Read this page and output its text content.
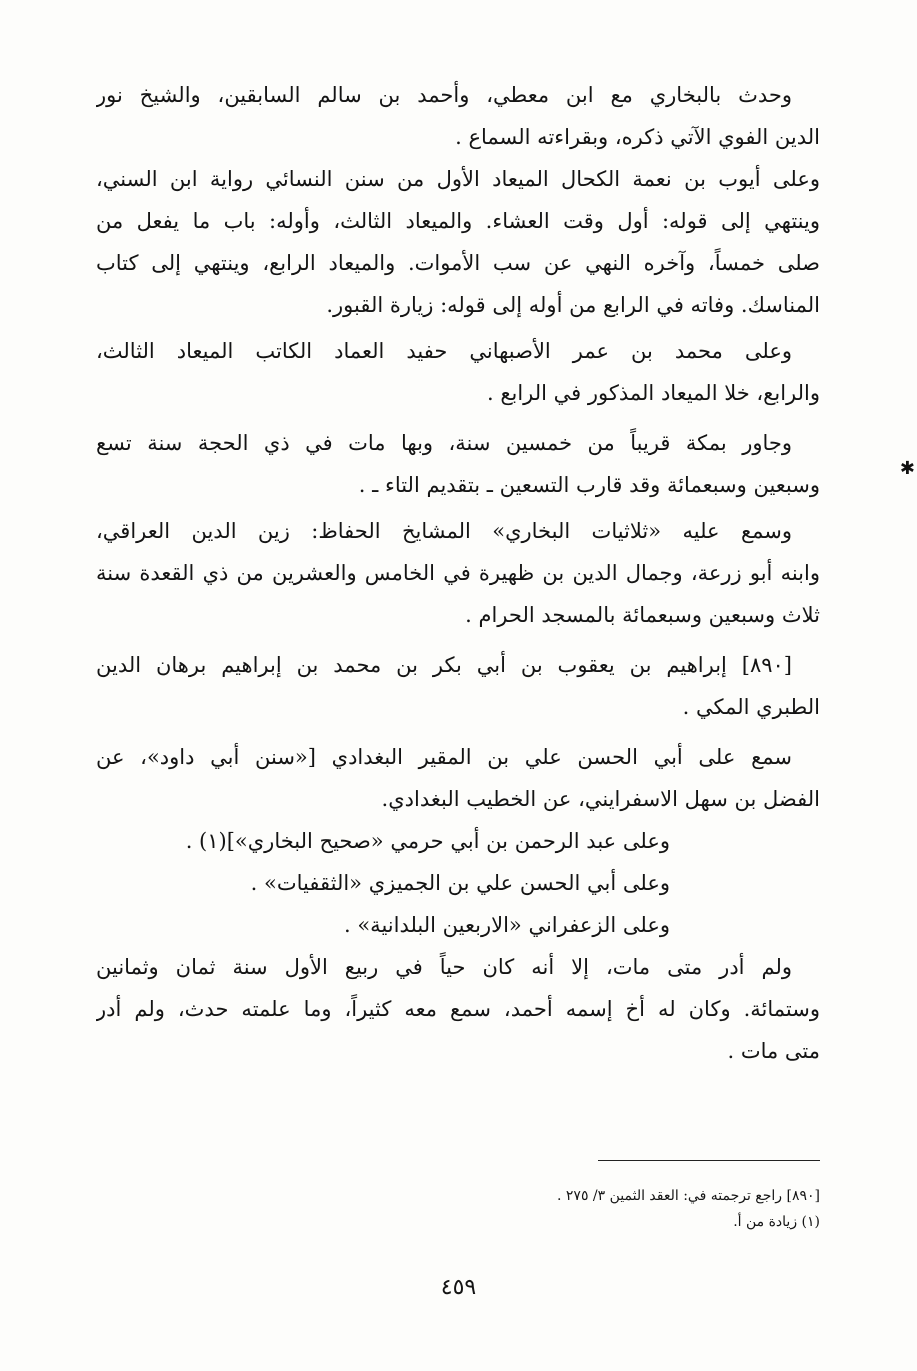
وحدث بالبخاري مع ابن معطي، وأحمد بن سالم السابقين، والشيخ نور
الدين الفوي الآتي ذكره، وبقراءته السماع .
وعلى أيوب بن نعمة الكحال الميعاد الأول من سنن النسائي رواية ابن السني،
وينتهي إلى قوله: أول وقت العشاء. والميعاد الثالث، وأوله: باب ما يفعل من
صلى خمساً، وآخره النهي عن سب الأموات. والميعاد الرابع، وينتهي إلى كتاب
المناسك. ﻭفاته في الرابع من أوله إلى قوله: زيارة القبور.
وعلى محمد بن عمر الأصبهاني حفيد العماد الكاتب الميعاد الثالث،
والرابع، خلا الميعاد المذكور في الرابع .
وجاور بمكة قريباً من خمسين سنة، وبها مات في ذي الحجة سنة تسع
وسبعين وسبعمائة وقد قارب التسعين ـ بتقديم التاء ـ .
وسمع عليه «ثلاثيات البخاري» المشايخ الحفاظ: زين الدين العراقي،
وابنه أبو زرعة، وجمال الدين بن ظهيرة في الخامس والعشرين من ذي القعدة سنة
ثلاث وسبعين وسبعمائة بالمسجد الحرام .
[٨٩٠] إبراهيم بن يعقوب بن أبي بكر بن محمد بن إبراهيم برهان الدين
الطبري المكي .
سمع على أبي الحسن علي بن المقير البغدادي [«سنن أبي داود»، عن
الفضل بن سهل الاسفرايني، عن الخطيب البغدادي.
وعلى عبد الرحمن بن أبي حرمي «صحيح البخاري»](١) .
وعلى أبي الحسن علي بن الجميزي «الثقفيات» .
وعلى الزعفراني «الاربعين البلدانية» .
ولم أدر متى مات، إلا أنه كان حياً في ربيع الأول سنة ثمان وثمانين
وستمائة. وكان له أخ إسمه أحمد، سمع معه كثيراً، وما علمته حدث، ولم أدر
متى مات .
[٨٩٠] راجع ترجمته في: العقد الثمين ٣/ ٢٧٥ .
(١) زيادة من أ.
٤٥٩
✱
